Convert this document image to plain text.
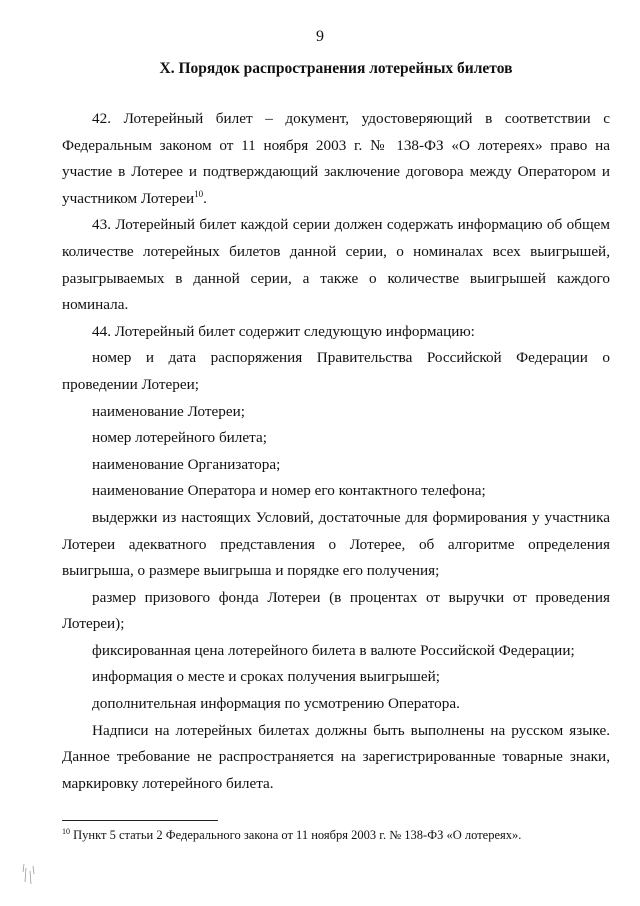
9
X. Порядок распространения лотерейных билетов

42. Лотерейный билет – документ, удостоверяющий в соответствии с Федеральным законом от 11 ноября 2003 г. № 138-ФЗ «О лотереях» право на участие в Лотерее и подтверждающий заключение договора между Оператором и участником Лотереи$^{10}$.

43. Лотерейный билет каждой серии должен содержать информацию об общем количестве лотерейных билетов данной серии, о номиналах всех выигрышей, разыгрываемых в данной серии, а также о количестве выигрышей каждого номинала.

44. Лотерейный билет содержит следующую информацию:

номер и дата распоряжения Правительства Российской Федерации о проведении Лотереи;

наименование Лотереи;

номер лотерейного билета;

наименование Организатора;

наименование Оператора и номер его контактного телефона;

выдержки из настоящих Условий, достаточные для формирования у участника Лотереи адекватного представления о Лотерее, об алгоритме определения выигрыша, о размере выигрыша и порядке его получения;

размер призового фонда Лотереи (в процентах от выручки от проведения Лотереи);

фиксированная цена лотерейного билета в валюте Российской Федерации;

информация о месте и сроках получения выигрышей;

дополнительная информация по усмотрению Оператора.

Надписи на лотерейных билетах должны быть выполнены на русском языке. Данное требование не распространяется на зарегистрированные товарные знаки, маркировку лотерейного билета.

$^{10}$ Пункт 5 статьи 2 Федерального закона от 11 ноября 2003 г. № 138-ФЗ «О лотереях».
